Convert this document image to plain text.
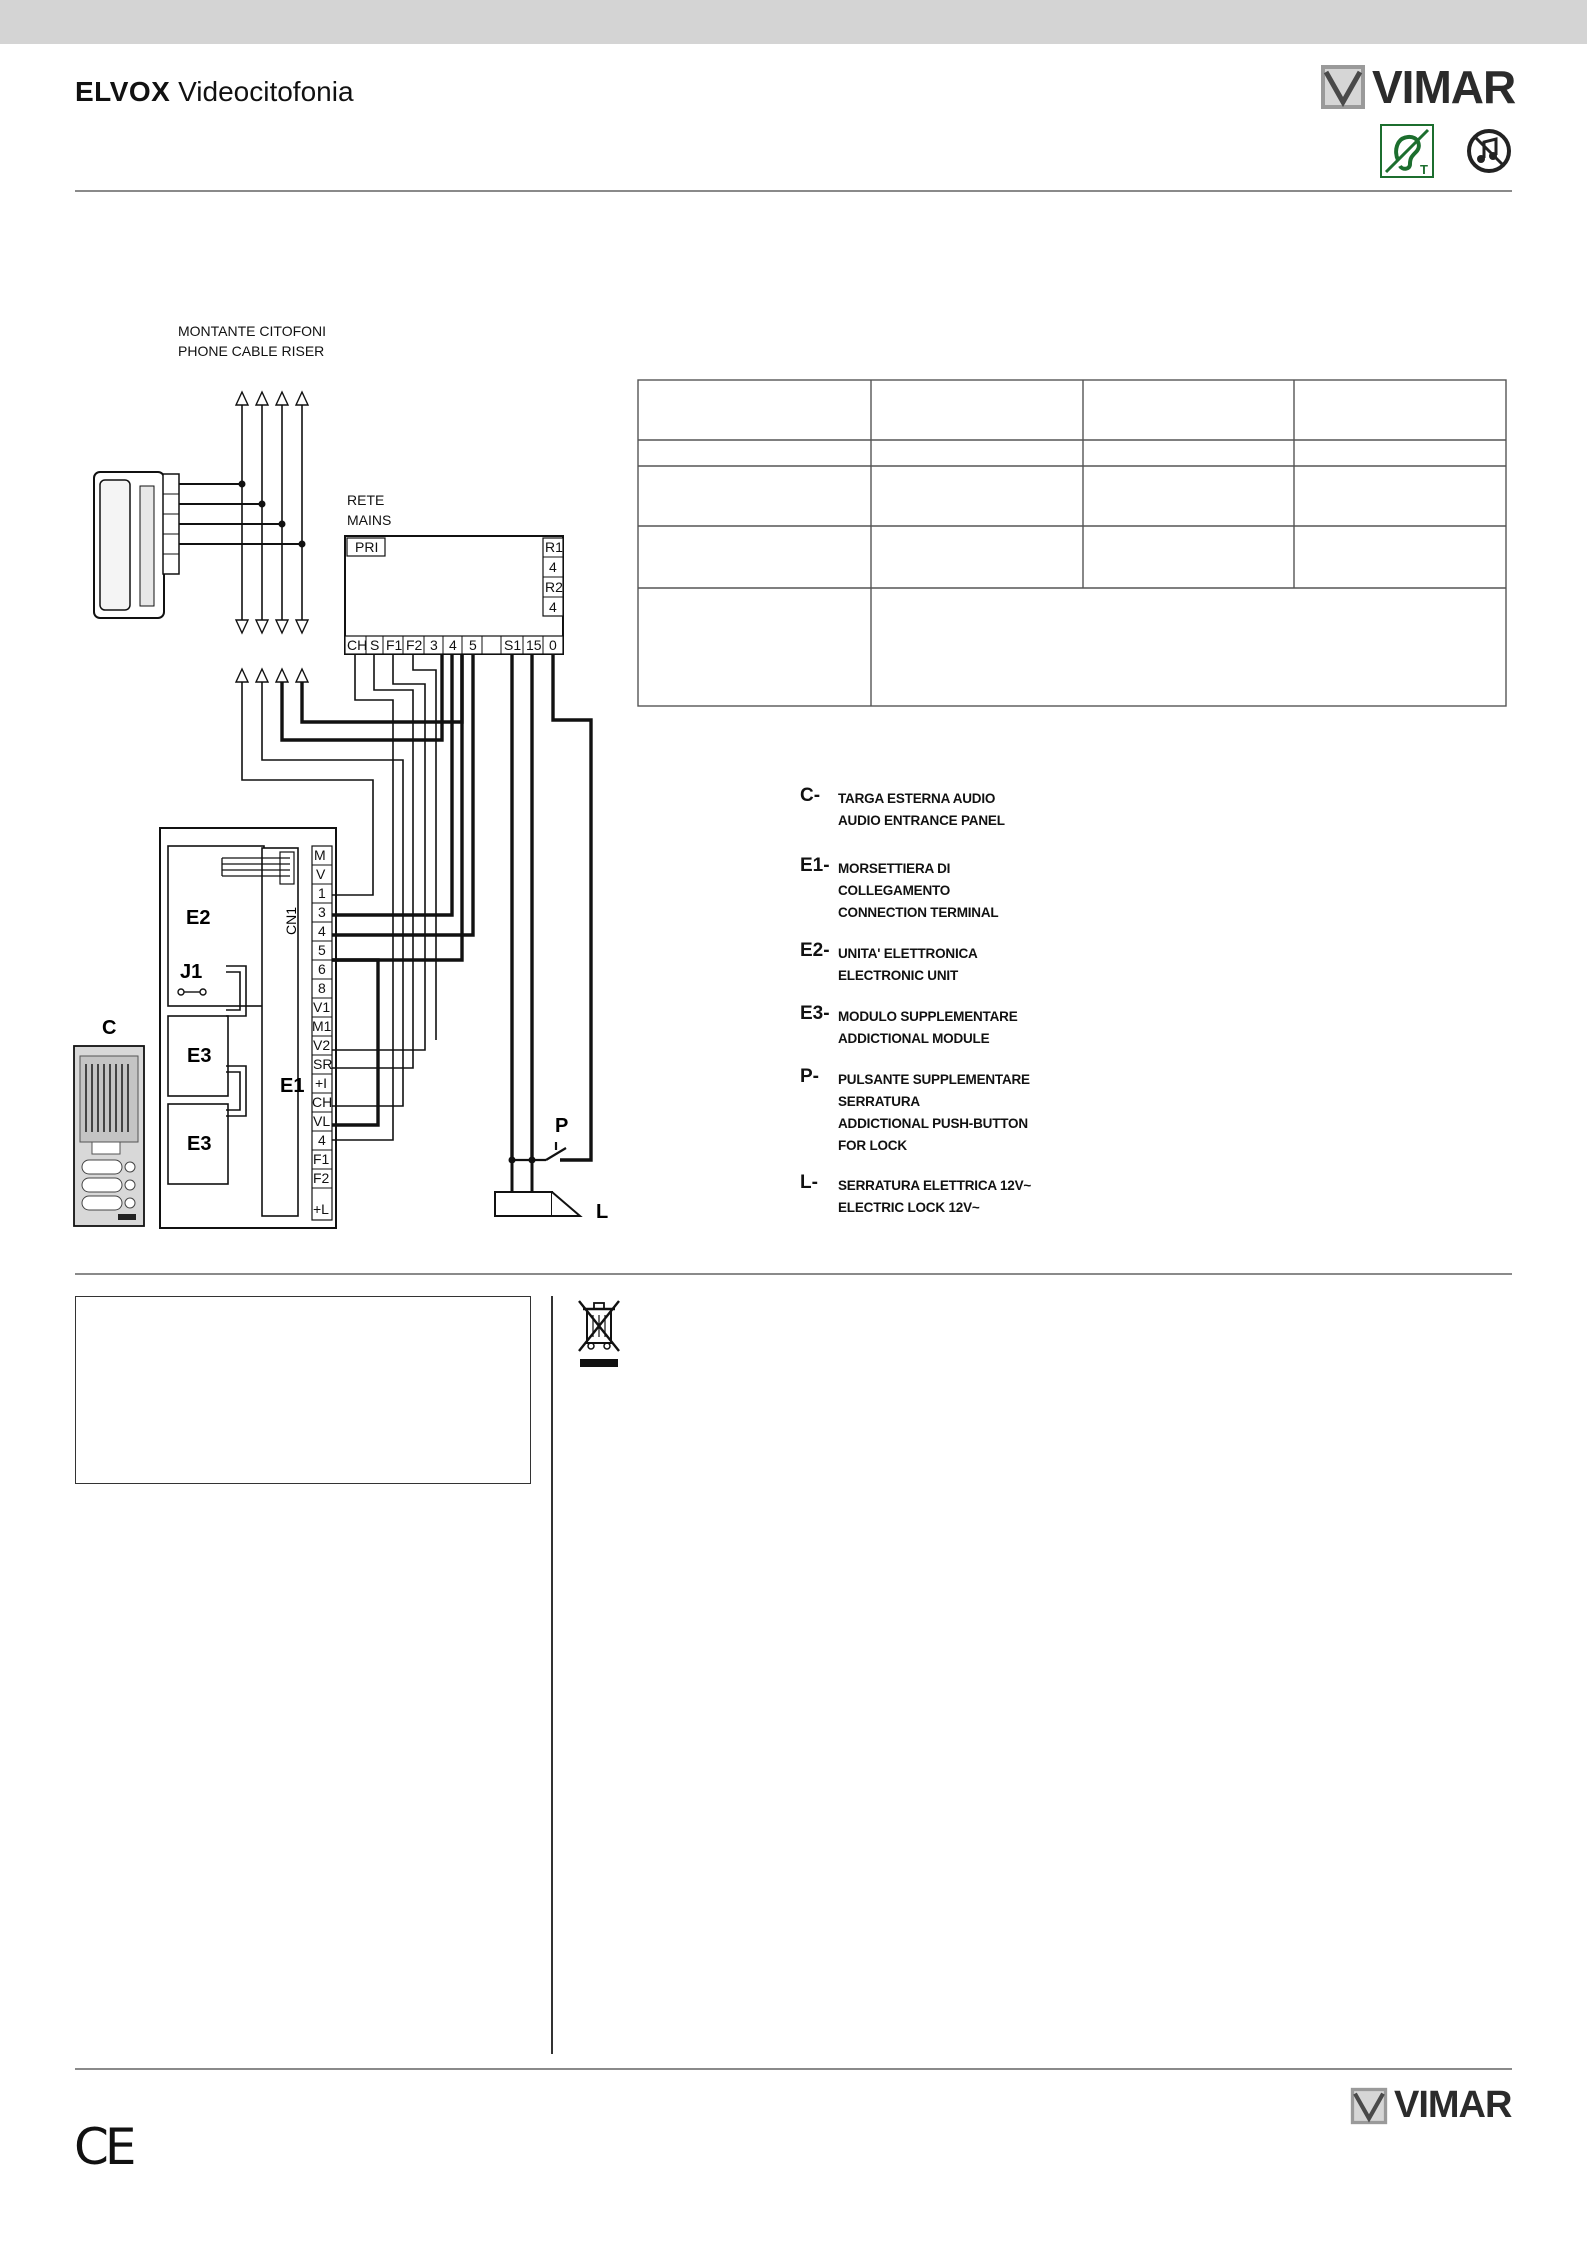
ELVOX Videocitofonia	VIMAR
T
MONTANTE CITOFONI
PHONE CABLE RISER
RETE
MAINS
PRI	R1
4
R2
4
CH S F1 F2 3 4 5 S1 15 0
M
V
1
3
4
5
6
8
V1
M1
V2
SR
+I
CH
VL
4
F1
F2
+L
E2
J1
E3
E3
E1
CN1
C
P
L
C-	TARGA ESTERNA AUDIO
AUDIO ENTRANCE PANEL
E1- MORSETTIERA DI
COLLEGAMENTO
CONNECTION TERMINAL
E2- UNITA' ELETTRONICA
ELECTRONIC UNIT
E3- MODULO SUPPLEMENTARE
ADDICTIONAL MODULE
P-	PULSANTE SUPPLEMENTARE
SERRATURA
ADDICTIONAL PUSH-BUTTON
FOR LOCK
L-	SERRATURA ELETTRICA 12V~
ELECTRIC LOCK 12V~
CE
VIMAR
